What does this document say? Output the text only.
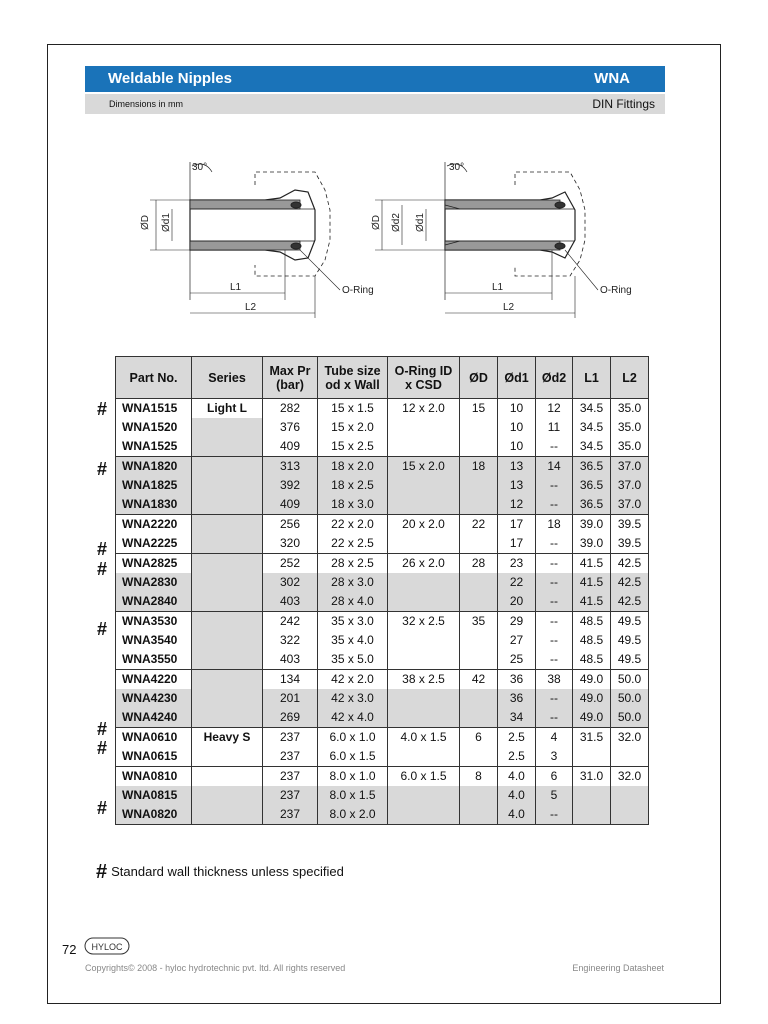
Weldable Nipples	WNA
Dimensions in mm	DIN Fittings
30°
ØD Ød1
O-Ring
L1
L2
30°
ØD Ød2 Ød1
O-Ring
L1
L2
Part No.	Series	Max Pr (bar)	Tube size od x Wall	O-Ring ID x CSD	ØD	Ød1	Ød2	L1	L2
WNA1515	Light L	282	15 x 1.5	12 x 2.0	15	10	12	34.5	35.0
WNA1520		376	15 x 2.0			10	11	34.5	35.0
WNA1525		409	15 x 2.5			10	--	34.5	35.0
WNA1820		313	18 x 2.0	15 x 2.0	18	13	14	36.5	37.0
WNA1825		392	18 x 2.5			13	--	36.5	37.0
WNA1830		409	18 x 3.0			12	--	36.5	37.0
WNA2220		256	22 x 2.0	20 x 2.0	22	17	18	39.0	39.5
WNA2225		320	22 x 2.5			17	--	39.0	39.5
WNA2825		252	28 x 2.5	26 x 2.0	28	23	--	41.5	42.5
WNA2830		302	28 x 3.0			22	--	41.5	42.5
WNA2840		403	28 x 4.0			20	--	41.5	42.5
WNA3530		242	35 x 3.0	32 x 2.5	35	29	--	48.5	49.5
WNA3540		322	35 x 4.0			27	--	48.5	49.5
WNA3550		403	35 x 5.0			25	--	48.5	49.5
WNA4220		134	42 x 2.0	38 x 2.5	42	36	38	49.0	50.0
WNA4230		201	42 x 3.0			36	--	49.0	50.0
WNA4240		269	42 x 4.0			34	--	49.0	50.0
WNA0610	Heavy S	237	6.0 x 1.0	4.0 x 1.5	6	2.5	4	31.5	32.0
WNA0615		237	6.0 x 1.5			2.5	3		
WNA0810		237	8.0 x 1.0	6.0 x 1.5	8	4.0	6	31.0	32.0
WNA0815		237	8.0 x 1.5			4.0	5		
WNA0820		237	8.0 x 2.0			4.0	--		
#
#
#
#
#
#
#
#
# Standard wall thickness unless specified
72 HYLOC
Copyrights© 2008 - hyloc hydrotechnic pvt. ltd. All rights reserved	Engineering Datasheet
